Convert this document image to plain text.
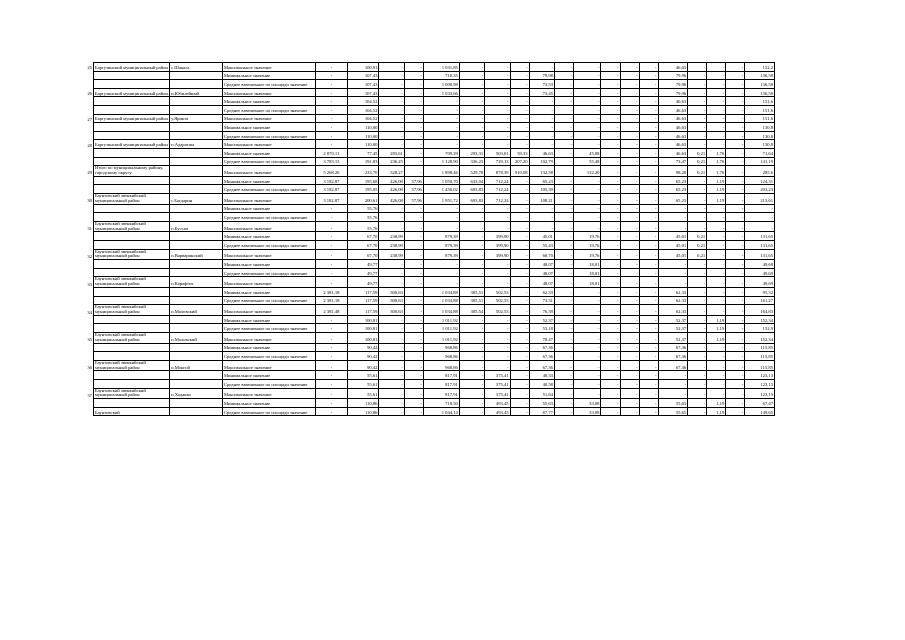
25	Баргузинский муниципальный район	с.Шанага	Максимальное значение	-	100,91	-	-	1 031,85	-	-	-	-	-	-	-	-	-	46,63	-	-	-	152,2
			Минимальное значение	-	107,43	-	-	718,35	-	-	-	79,98	-	-	-	-	-	79,96	-	-	-	136,58
			Среднее взвешенное по площади значение	-	107,43	-	-	1 000,98	-	-	-	73,53	-	-	-	-	-	79,96	-	-	-	136,58
26	Баргузинский муниципальный район	п.Юбилейный	Максимальное значение	-	107,43	-	-	1 033,66	-	-	-	73,45	-	-	-	-	-	79,96	-	-	-	136,58
			Минимальное значение	-	104,52	-	-	-	-	-	-	-	-	-	-	-	-	46,63	-	-	-	151,6
			Среднее взвешенное по площади значение	-	104,52	-	-	-	-	-	-	-	-	-	-	-	-	46,63	-	-	-	151,6
27	Баргузинский муниципальный район	у.Ярикта	Максимальное значение	-	104,52	-	-	-	-	-	-	-	-	-	-	-	-	46,63	-	-	-	151,6
			Минимальное значение	-	110,00	-	-	-	-	-	-	-	-	-	-	-	-	46,63	-	-	-	130,8
			Среднее взвешенное по площади значение	-	110,00	-	-	-	-	-	-	-	-	-	-	-	-	46,63	-	-	-	130,8
28	Баргузинский муниципальный район	п.Адарагша	Максимальное значение	-	110,00	-	-	-	-	-	-	-	-	-	-	-	-	46,63	-	-	-	130,8
			Минимальное значение	2 070,11	77,45	283,61	-	709,29	293,31	503,01	59,33	46,63	-	45,08	-	-	-	46,63	0,21	1,76	-	71,64
			Среднее взвешенное по площади значение	3 783,13	191,83	236,25	-	1 128,90	336,23	729,13	207,20	102,79	-	55,48	-	-	-	73,47	0,21	1,76	-	141,19
29	Итого по муниципальному району, городскому округу		Максимальное значение	5 268,26	233,70	328,27	-	1 898,46	529,78	878,39	910,08	132,58	-	132,20	-	-	-	98,20	0,21	1,76	-	285,6
			Минимальное значение	3 182,87	195,68	426,08	57,96	1 050,70	633,04	712,24	-	65,23	-	-	-	-	-	65,23	-	1,19	-	124,31
			Среднее взвешенное по площади значение	3 182,87	195,85	426,08	57,96	1 450,02	693,83	712,24	-	105,39	-	-	-	-	-	65,23	-	1,19	-	203,23
30	Баунтовский эвенкийский муниципальный район	с.Багдарин	Максимальное значение	3 182,87	200,61	426,08	57,96	1 951,72	693,83	712,24	-	108,21	-	-	-	-	-	65,23	-	1,19	-	213,61
			Минимальное значение	-	55,76	-	-	-	-	-	-	-	-	-	-	-	-	-	-	-	-	-
			Среднее взвешенное по площади значение	-	55,76	-	-	-	-	-	-	-	-	-	-	-	-	-	-	-	-	-
31	Баунтовский эвенкийский муниципальный район	п.Бусгаи	Максимальное значение	-	55,76	-	-	-	-	-	-	-	-	-	-	-	-	-	-	-	-	-
			Минимальное значение	-	67,70	238,99	-	879,39	-	399,90	-	45,01	-	19,76	-	-	-	45,01	0,21	-	-	131,65
			Среднее взвешенное по площади значение	-	67,70	238,99	-	879,39	-	399,90	-	55,43	-	19,76	-	-	-	45,01	0,21	-	-	131,65
32	Баунтовский эвенкийский муниципальный район	п.Варваринский	Максимальное значение	-	67,70	238,99	-	879,39	-	399,90	-	60,70	-	19,76	-	-	-	45,01	0,21	-	-	131,65
			Минимальное значение	-	49,77	-	-	-	-	-	-	48,07	-	18,01	-	-	-	-	-	-	-	49,69
			Среднее взвешенное по площади значение	-	49,77	-	-	-	-	-	-	48,07	-	18,01	-	-	-	-	-	-	-	49,69
33	Баунтовский эвенкийский муниципальный район	п.Карафтит	Максимальное значение	-	49,77	-	-	-	-	-	-	48,07	-	18,01	-	-	-	-	-	-	-	49,69
			Минимальное значение	2 381,18	117,59	300,63	-	1 034,88	305,51	502,53	-	62,33	-	-	-	-	-	62,33	-	-	-	95,32
			Среднее взвешенное по площади значение	2 381,18	117,59	300,63	-	1 034,88	305,51	502,53	-	73,31	-	-	-	-	-	62,33	-	-	-	161,27
34	Баунтовский эвенкийский муниципальный район	п.Маловский	Максимальное значение	2 381,48	117,59	300,63	-	1 034,88	305,54	502,53	-	76,39	-	-	-	-	-	62,33	-	-	-	164,83
			Минимальное значение	-	100,81	-	-	1 011,92	-	-	-	52,37	-	-	-	-	-	52,37	-	1,19	-	152,34
			Среднее взвешенное по площади значение	-	100,81	-	-	1 011,92	-	-	-	53,18	-	-	-	-	-	52,37	-	1,19	-	152,9
35	Баунтовский эвенкийский муниципальный район	п.Маловский	Максимальное значение	-	100,81	-	-	1 011,92	-	-	-	78,47	-	-	-	-	-	52,37	-	1,19	-	152,34
			Минимальное значение	-	90,42	-	-	968,86	-	-	-	67,36	-	-	-	-	-	67,36	-	-	-	115,85
			Среднее взвешенное по площади значение	-	90,42	-	-	968,86	-	-	-	67,36	-	-	-	-	-	67,36	-	-	-	115,85
36	Баунтовский эвенкийский муниципальный район	п.Монгой	Максимальное значение	-	90,42	-	-	968,86	-	-	-	67,36	-	-	-	-	-	67,36	-	-	-	115,85
			Минимальное значение	-	55,61	-	-	817,91	-	375,41	-	40,33	-	-	-	-	-	-	-	-	-	123,13
			Среднее взвешенное по площади значение	-	55,61	-	-	817,91	-	375,41	-	40,58	-	-	-	-	-	-	-	-	-	123,13
37	Баунтовский эвенкийский муниципальный район	п.Ходакво	Максимальное значение	-	55,61	-	-	817,91	-	375,41	-	51,64	-	-	-	-	-	-	-	-	-	123,13
			Минимальное значение	-	110,86	-	-	718,50	-	493,45	-	55,63	-	33,08	-	-	-	55,63	-	1,19	-	67,47
	Баунтовский		Среднее взвешенное по площади значение	-	110,86	-	-	1 044,14	-	493,45	-	67,77	-	33,08	-	-	-	55,65	-	1,19	-	149,65
